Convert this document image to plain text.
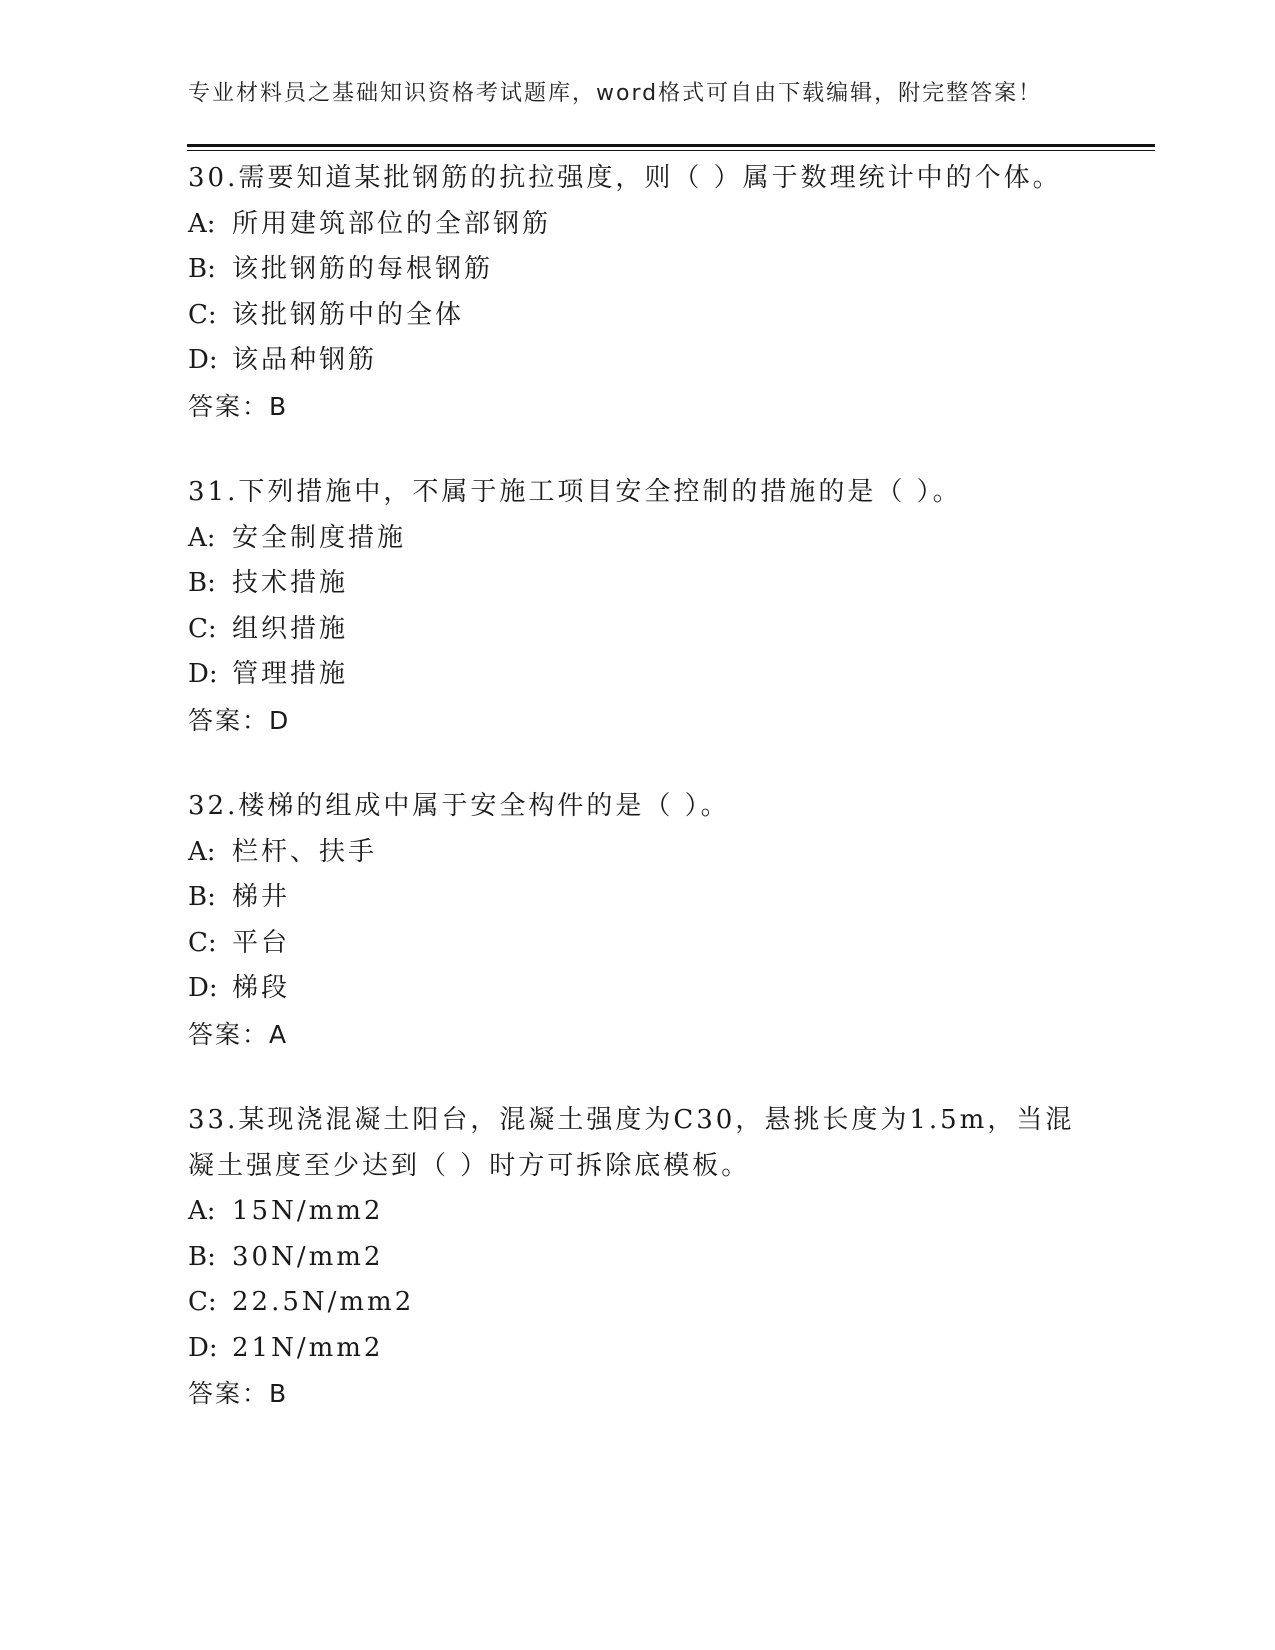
专业材料员之基础知识资格考试题库，word格式可自由下载编辑，附完整答案！
30.需要知道某批钢筋的抗拉强度，则（ ）属于数理统计中的个体。
A: 所用建筑部位的全部钢筋
B: 该批钢筋的每根钢筋
C: 该批钢筋中的全体
D: 该品种钢筋
答案：B
31.下列措施中，不属于施工项目安全控制的措施的是（ ）。
A: 安全制度措施
B: 技术措施
C: 组织措施
D: 管理措施
答案：D
32.楼梯的组成中属于安全构件的是（ ）。
A: 栏杆、扶手
B: 梯井
C: 平台
D: 梯段
答案：A
33.某现浇混凝土阳台，混凝土强度为C30，悬挑长度为1.5m，当混凝土强度至少达到（ ）时方可拆除底模板。
A: 15N/mm2
B: 30N/mm2
C: 22.5N/mm2
D: 21N/mm2
答案：B
